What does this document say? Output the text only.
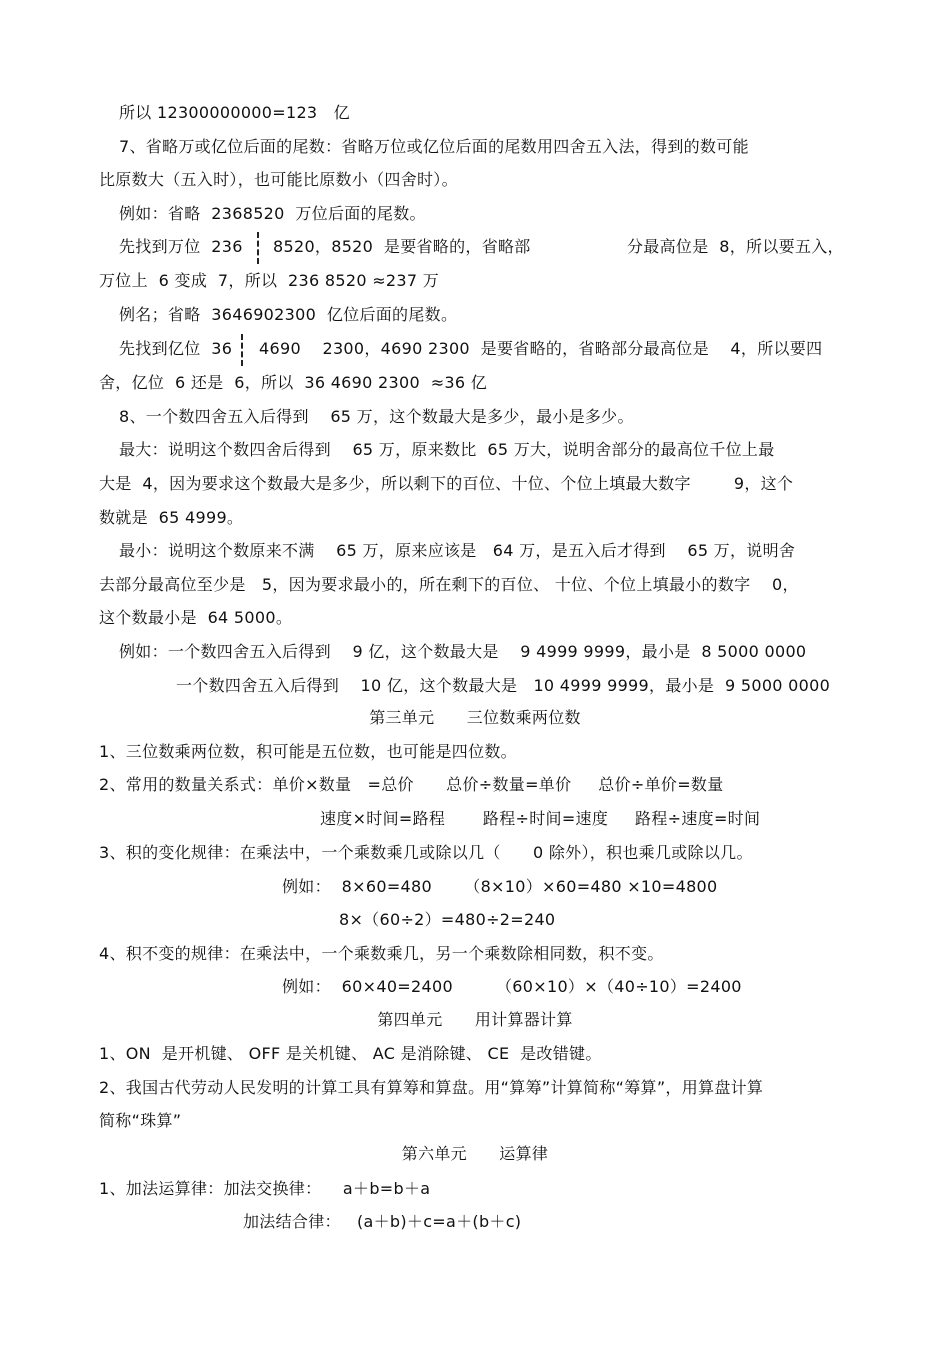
所以 12300000000=123   亿
7、省略万或亿位后面的尾数：省略万位或亿位后面的尾数用四舍五入法，得到的数可能
比原数大（五入时），也可能比原数小（四舍时）。
例如：省略  2368520  万位后面的尾数。
先找到万位  236 8520，8520  是要省略的，省略部	分最高位是  8，所以要五入，
万位上  6 变成  7，所以  236 8520 ≈237 万
例名；省略  3646902300  亿位后面的尾数。
先找到亿位  36 4690    2300，4690 2300  是要省略的，省略部分最高位是    4，所以要四
舍，亿位  6 还是  6，所以  36 4690 2300  ≈36 亿
8、一个数四舍五入后得到    65 万，这个数最大是多少，最小是多少。
最大：说明这个数四舍后得到    65 万，原来数比  65 万大，说明舍部分的最高位千位上最
大是  4，因为要求这个数最大是多少，所以剩下的百位、十位、个位上填最大数字        9，这个
数就是  65 4999。
最小：说明这个数原来不满    65 万，原来应该是   64 万，是五入后才得到    65 万，说明舍
去部分最高位至少是   5，因为要求最小的，所在剩下的百位、 十位、个位上填最小的数字    0，
这个数最小是  64 5000。
例如：一个数四舍五入后得到    9 亿，这个数最大是    9 4999 9999，最小是  8 5000 0000
一个数四舍五入后得到    10 亿，这个数最大是   10 4999 9999，最小是  9 5000 0000
第三单元      三位数乘两位数
1、三位数乘两位数，积可能是五位数，也可能是四位数。
2、常用的数量关系式：单价×数量   =总价      总价÷数量=单价     总价÷单价=数量
速度×时间=路程       路程÷时间=速度     路程÷速度=时间
3、积的变化规律：在乘法中，一个乘数乘几或除以几（      0 除外），积也乘几或除以几。
例如：  8×60=480      （8×10）×60=480 ×10=4800
8×（60÷2）=480÷2=240
4、积不变的规律：在乘法中，一个乘数乘几，另一个乘数除相同数，积不变。
例如：  60×40=2400        （60×10）×（40÷10）=2400
第四单元      用计算器计算
1、ON  是开机键、 OFF 是关机键、 AC 是消除键、 CE  是改错键。
2、我国古代劳动人民发明的计算工具有算筹和算盘。用“算筹”计算简称“筹算”，用算盘计算
简称“珠算”
第六单元      运算律
1、加法运算律：加法交换律：    a＋b=b＋a
加法结合律：   (a＋b)＋c=a＋(b＋c)
